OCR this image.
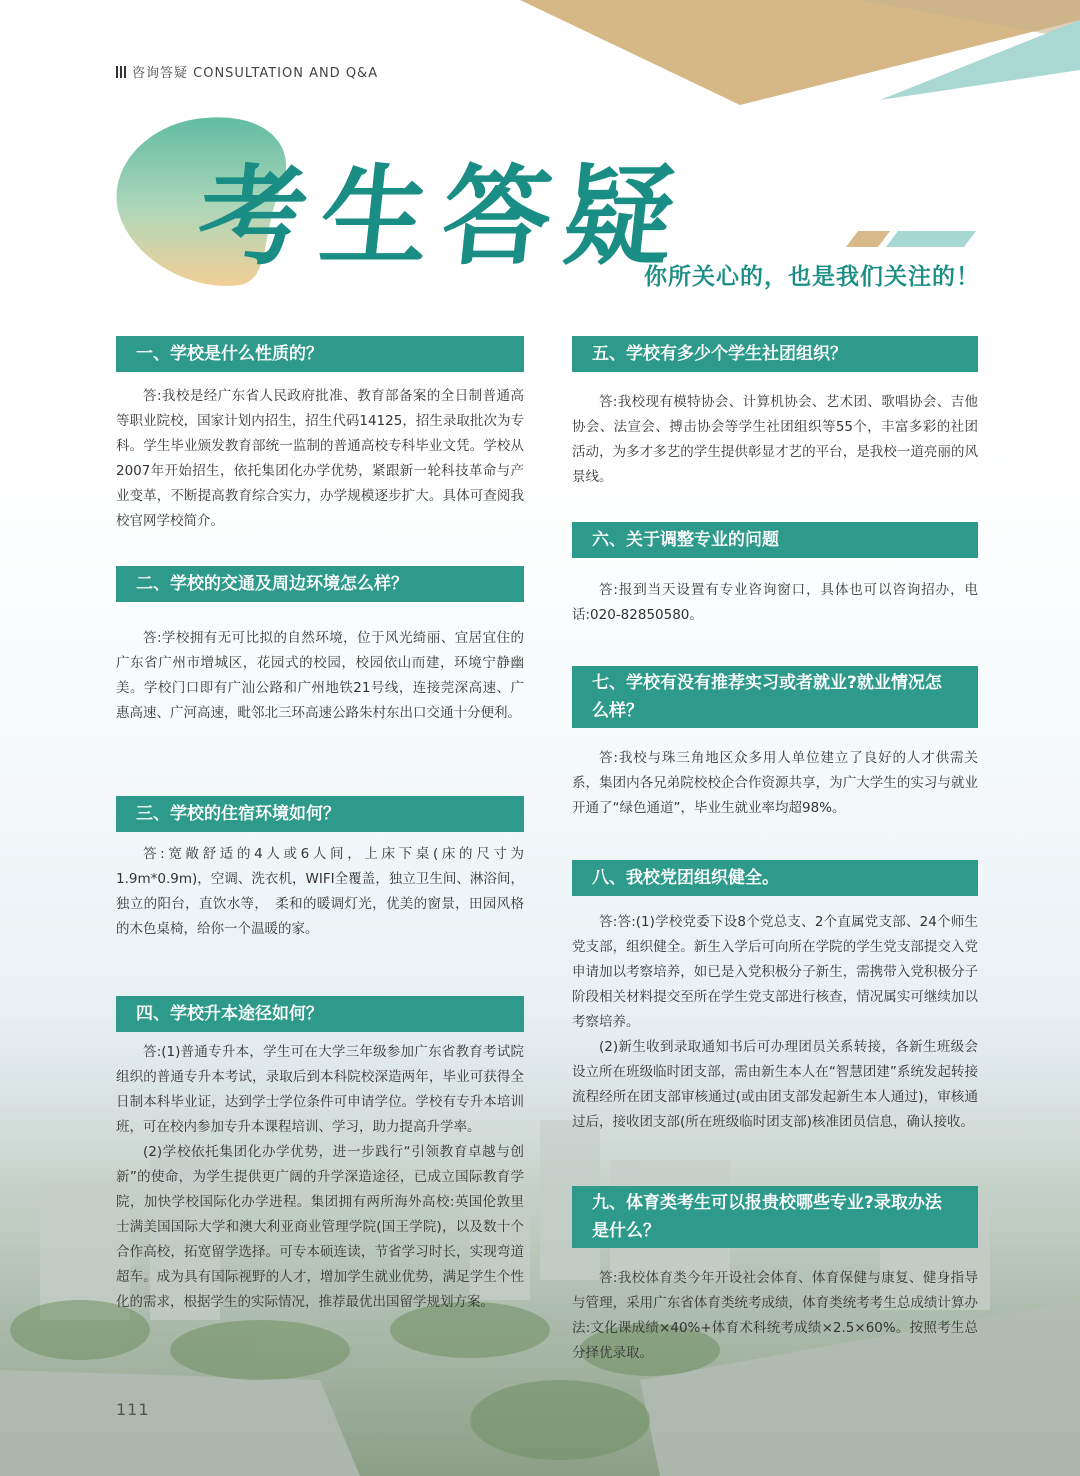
咨询答疑 CONSULTATION AND Q&A
考生答疑
你所关心的，也是我们关注的！
一、学校是什么性质的？

答:我校是经广东省人民政府批准、教育部备案的全日制普通高等职业院校，国家计划内招生，招生代码14125，招生录取批次为专科。学生毕业颁发教育部统一监制的普通高校专科毕业文凭。学校从2007年开始招生，依托集团化办学优势，紧跟新一轮科技革命与产业变革，不断提高教育综合实力，办学规模逐步扩大。具体可查阅我校官网学校简介。

二、学校的交通及周边环境怎么样？

答:学校拥有无可比拟的自然环境，位于风光绮丽、宜居宜住的广东省广州市增城区，花园式的校园，校园依山而建，环境宁静幽美。学校门口即有广汕公路和广州地铁21号线，连接莞深高速、广惠高速、广河高速，毗邻北三环高速公路朱村东出口交通十分便利。

三、学校的住宿环境如何？

答:宽敞舒适的4人或6人间，上床下桌(床的尺寸为1.9m*0.9m)，空调、洗衣机，WIFI全覆盖，独立卫生间、淋浴间，独立的阳台，直饮水等，　柔和的暖调灯光，优美的窗景，田园风格的木色桌椅，给你一个温暖的家。

四、学校升本途径如何？

答:(1)普通专升本，学生可在大学三年级参加广东省教育考试院组织的普通专升本考试，录取后到本科院校深造两年，毕业可获得全日制本科毕业证，达到学士学位条件可申请学位。学校有专升本培训班，可在校内参加专升本课程培训、学习，助力提高升学率。

(2)学校依托集团化办学优势，进一步践行“引领教育卓越与创新”的使命，为学生提供更广阔的升学深造途径，已成立国际教育学院，加快学校国际化办学进程。集团拥有两所海外高校:英国伦敦里士满美国国际大学和澳大利亚商业管理学院(国王学院)，以及数十个合作高校，拓宽留学选择。可专本硕连读，节省学习时长，实现弯道超车。成为具有国际视野的人才，增加学生就业优势，满足学生个性化的需求，根据学生的实际情况，推荐最优出国留学规划方案。

五、学校有多少个学生社团组织？

答:我校现有模特协会、计算机协会、艺术团、歌唱协会、吉他协会、法宣会、搏击协会等学生社团组织等55个，丰富多彩的社团活动，为多才多艺的学生提供彰显才艺的平台，是我校一道亮丽的风景线。

六、关于调整专业的问题

答:报到当天设置有专业咨询窗口，具体也可以咨询招办，电话:020-82850580。

七、学校有没有推荐实习或者就业?就业情况怎么样？

答:我校与珠三角地区众多用人单位建立了良好的人才供需关系，集团内各兄弟院校校企合作资源共享，为广大学生的实习与就业开通了“绿色通道”，毕业生就业率均超98%。

八、我校党团组织健全。

答:答:(1)学校党委下设8个党总支、2个直属党支部、24个师生党支部，组织健全。新生入学后可向所在学院的学生党支部提交入党申请加以考察培养，如已是入党积极分子新生，需携带入党积极分子阶段相关材料提交至所在学生党支部进行核查，情况属实可继续加以考察培养。

(2)新生收到录取通知书后可办理团员关系转接，各新生班级会设立所在班级临时团支部，需由新生本人在“智慧团建”系统发起转接流程经所在团支部审核通过(或由团支部发起新生本人通过)，审核通过后，接收团支部(所在班级临时团支部)核准团员信息，确认接收。

九、体育类考生可以报贵校哪些专业?录取办法是什么？

答:我校体育类今年开设社会体育、体育保健与康复、健身指导与管理，采用广东省体育类统考成绩，体育类统考考生总成绩计算办法:文化课成绩×40%+体育术科统考成绩×2.5×60%。按照考生总分择优录取。

111
